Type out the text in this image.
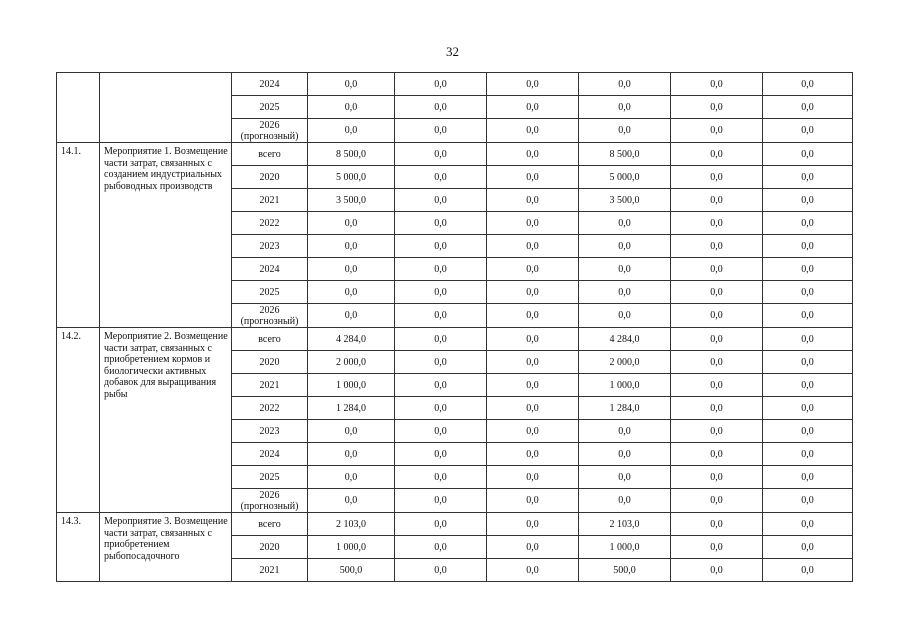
32
		2024	0,0	0,0	0,0	0,0	0,0	0,0
		2025	0,0	0,0	0,0	0,0	0,0	0,0
		2026 (прогнозный)	0,0	0,0	0,0	0,0	0,0	0,0
14.1.	Мероприятие 1. Возмещение части затрат, связанных с созданием индустриальных рыбоводных производств	всего	8 500,0	0,0	0,0	8 500,0	0,0	0,0
		2020	5 000,0	0,0	0,0	5 000,0	0,0	0,0
		2021	3 500,0	0,0	0,0	3 500,0	0,0	0,0
		2022	0,0	0,0	0,0	0,0	0,0	0,0
		2023	0,0	0,0	0,0	0,0	0,0	0,0
		2024	0,0	0,0	0,0	0,0	0,0	0,0
		2025	0,0	0,0	0,0	0,0	0,0	0,0
		2026 (прогнозный)	0,0	0,0	0,0	0,0	0,0	0,0
14.2.	Мероприятие 2. Возмещение части затрат, связанных с приобретением кормов и биологически активных добавок для выращивания рыбы	всего	4 284,0	0,0	0,0	4 284,0	0,0	0,0
		2020	2 000,0	0,0	0,0	2 000,0	0,0	0,0
		2021	1 000,0	0,0	0,0	1 000,0	0,0	0,0
		2022	1 284,0	0,0	0,0	1 284,0	0,0	0,0
		2023	0,0	0,0	0,0	0,0	0,0	0,0
		2024	0,0	0,0	0,0	0,0	0,0	0,0
		2025	0,0	0,0	0,0	0,0	0,0	0,0
		2026 (прогнозный)	0,0	0,0	0,0	0,0	0,0	0,0
14.3.	Мероприятие 3. Возмещение части затрат, связанных с приобретением рыбопосадочного	всего	2 103,0	0,0	0,0	2 103,0	0,0	0,0
		2020	1 000,0	0,0	0,0	1 000,0	0,0	0,0
		2021	500,0	0,0	0,0	500,0	0,0	0,0
